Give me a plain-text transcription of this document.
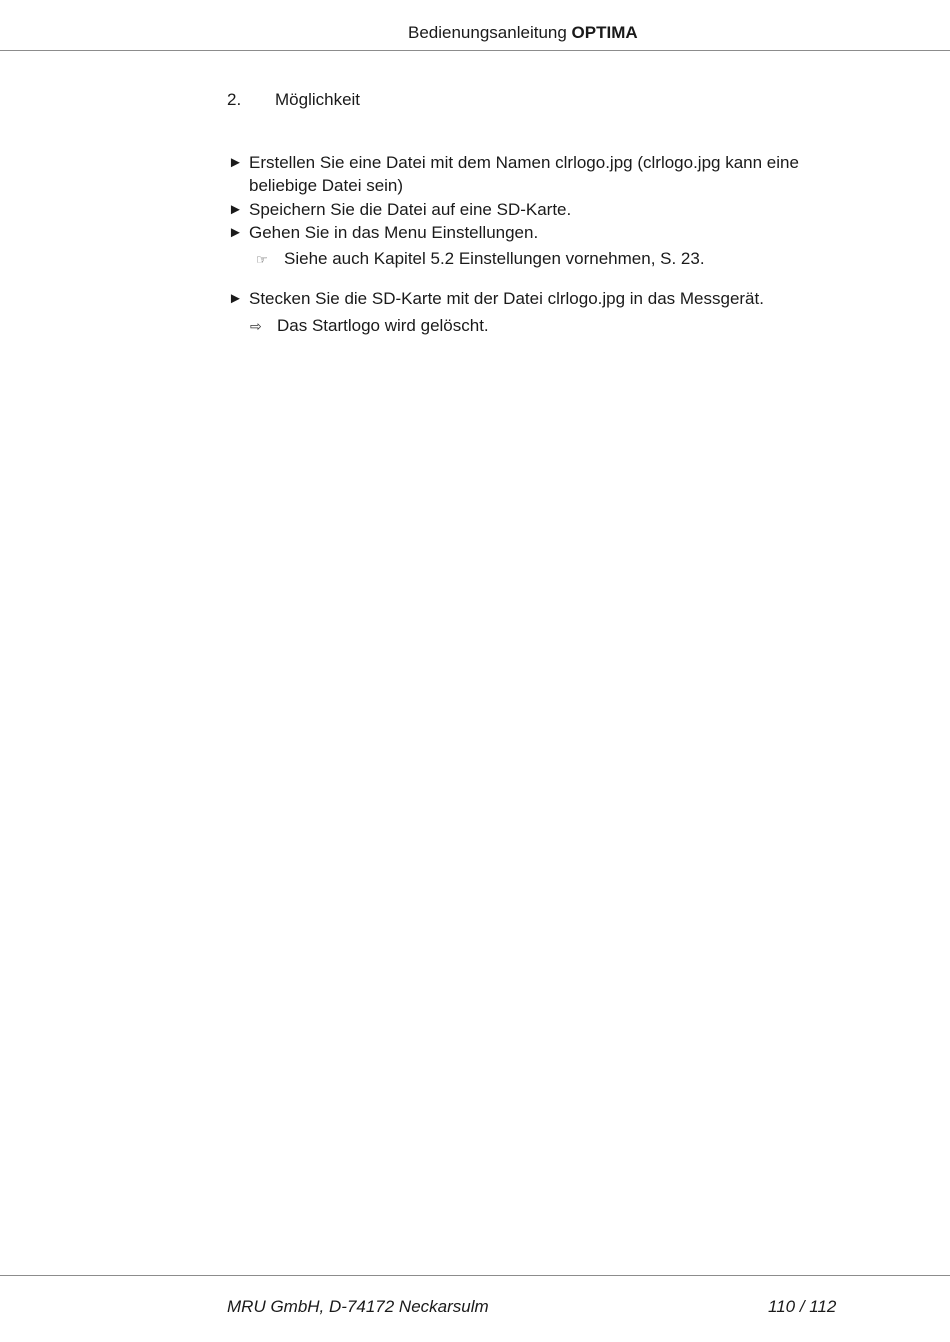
Bedienungsanleitung OPTIMA
2. Möglichkeit
► Erstellen Sie eine Datei mit dem Namen clrlogo.jpg (clrlogo.jpg kann eine beliebige Datei sein)
► Speichern Sie die Datei auf eine SD-Karte.
► Gehen Sie in das Menu Einstellungen.
☞ Siehe auch Kapitel 5.2 Einstellungen vornehmen, S. 23.
► Stecken Sie die SD-Karte mit der Datei clrlogo.jpg in das Messgerät.
⇨ Das Startlogo wird gelöscht.
MRU GmbH, D-74172 Neckarsulm	110 / 112
